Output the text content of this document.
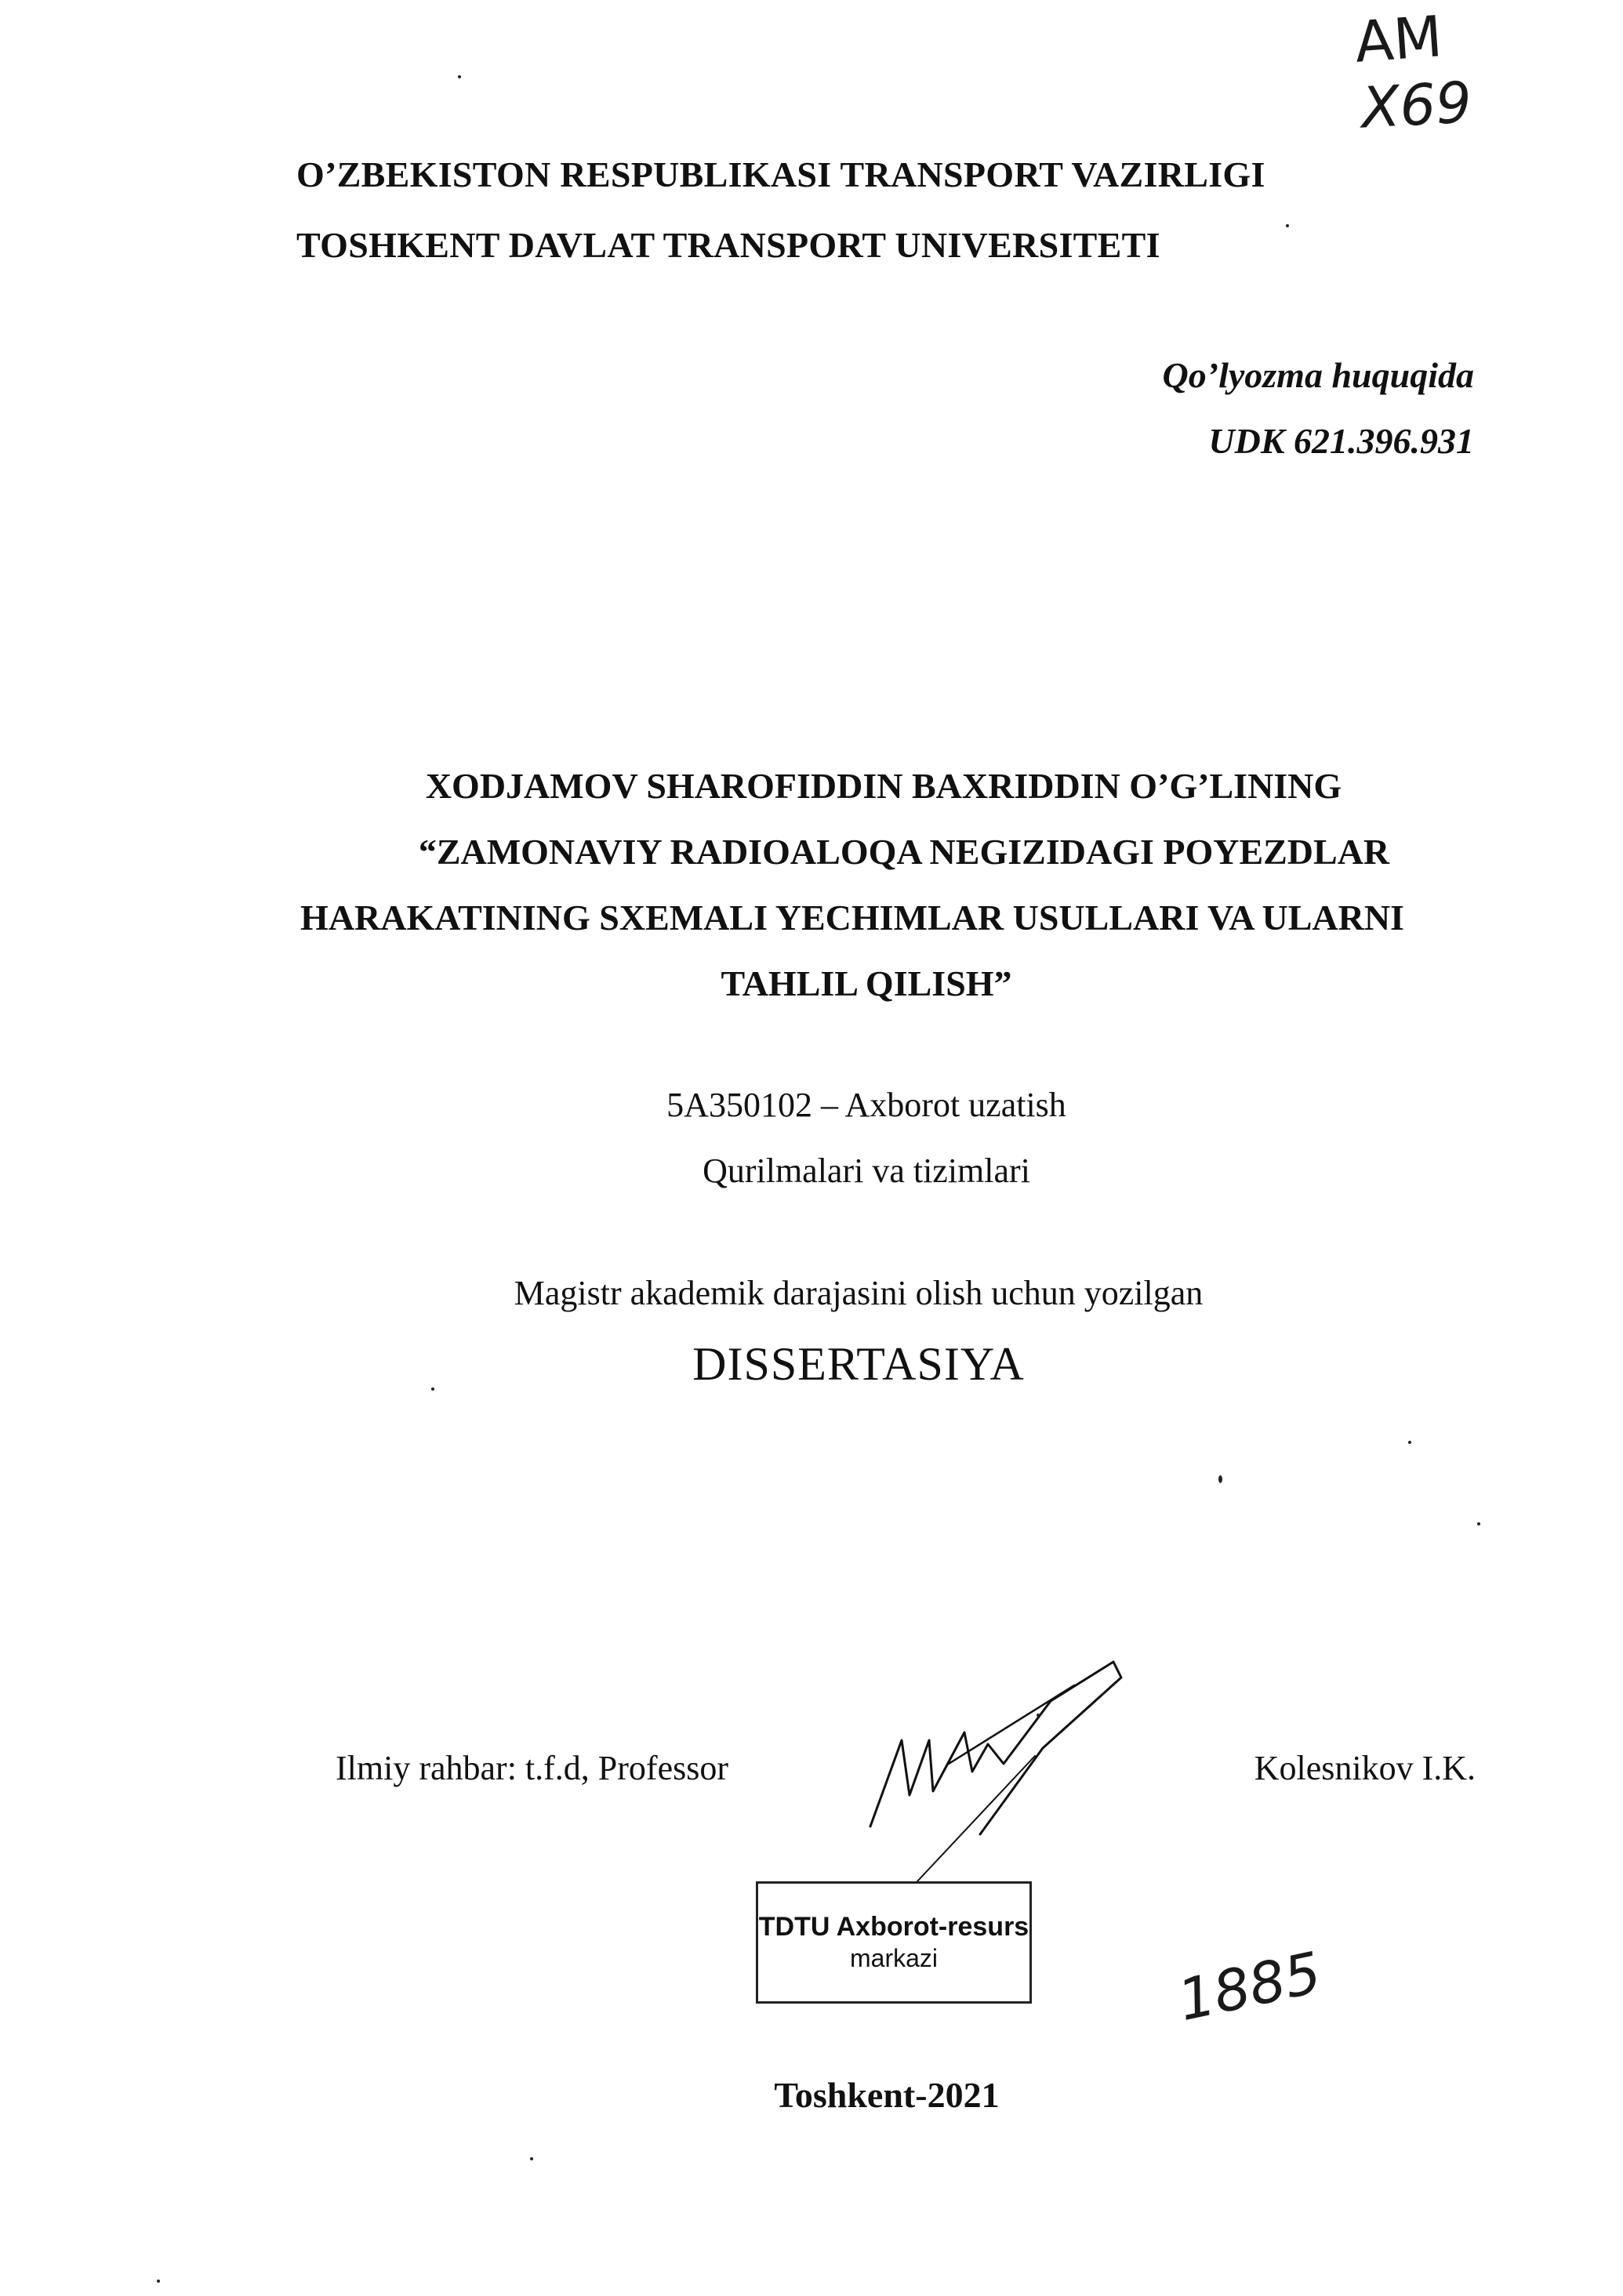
АМ
X69
O’ZBEKISTON RESPUBLIKASI TRANSPORT VAZIRLIGI
TOSHKENT DAVLAT TRANSPORT UNIVERSITETI
Qo’lyozma huquqida
UDK 621.396.931
XODJAMOV SHAROFIDDIN BAXRIDDIN O’G’LINING
“ZAMONAVIY RADIOALOQA NEGIZIDAGI POYEZDLAR
HARAKATINING SXEMALI YECHIMLAR USULLARI VA ULARNI
TAHLIL QILISH”
5A350102 – Axborot uzatish
Qurilmalari va tizimlari
Magistr akademik darajasini olish uchun yozilgan
DISSERTASIYA
Ilmiy rahbar: t.f.d, Professor	Kolesnikov I.K.
TDTU Axborot-resurs
markazi	1885
Toshkent-2021
